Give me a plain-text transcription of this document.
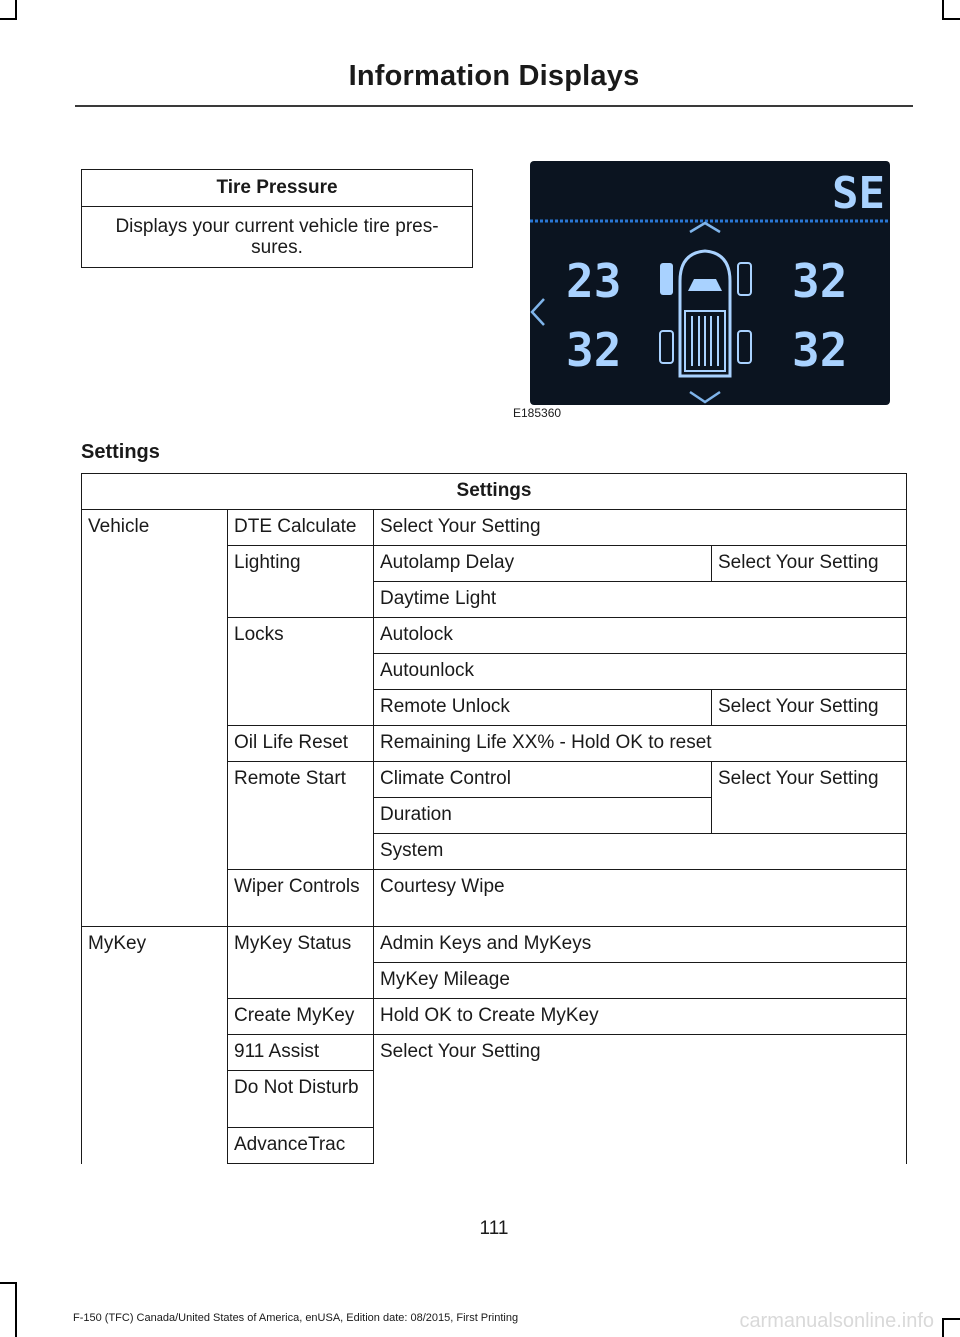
Information Displays
Tire Pressure
Displays your current vehicle tire pres- sures.
SE
23	32
32	32
E185360
Settings
Settings			
Vehicle	DTE Calculate	Select Your Setting	
	Lighting	Autolamp Delay	Select Your Setting
		Daytime Light	
	Locks	Autolock	
		Autounlock	
		Remote Unlock	Select Your Setting
	Oil Life Reset	Remaining Life XX% - Hold OK to reset	
	Remote Start	Climate Control	Select Your Setting
		Duration	
		System	
	Wiper Controls	Courtesy Wipe	

MyKey	MyKey Status	Admin Keys and MyKeys	
		MyKey Mileage	
	Create MyKey	Hold OK to Create MyKey	
	911 Assist	Select Your Setting	
	Do Not Disturb		
	AdvanceTrac		

111
F-150 (TFC) Canada/United States of America, enUSA, Edition date: 08/2015, First Printing	carmanualsonline.info
